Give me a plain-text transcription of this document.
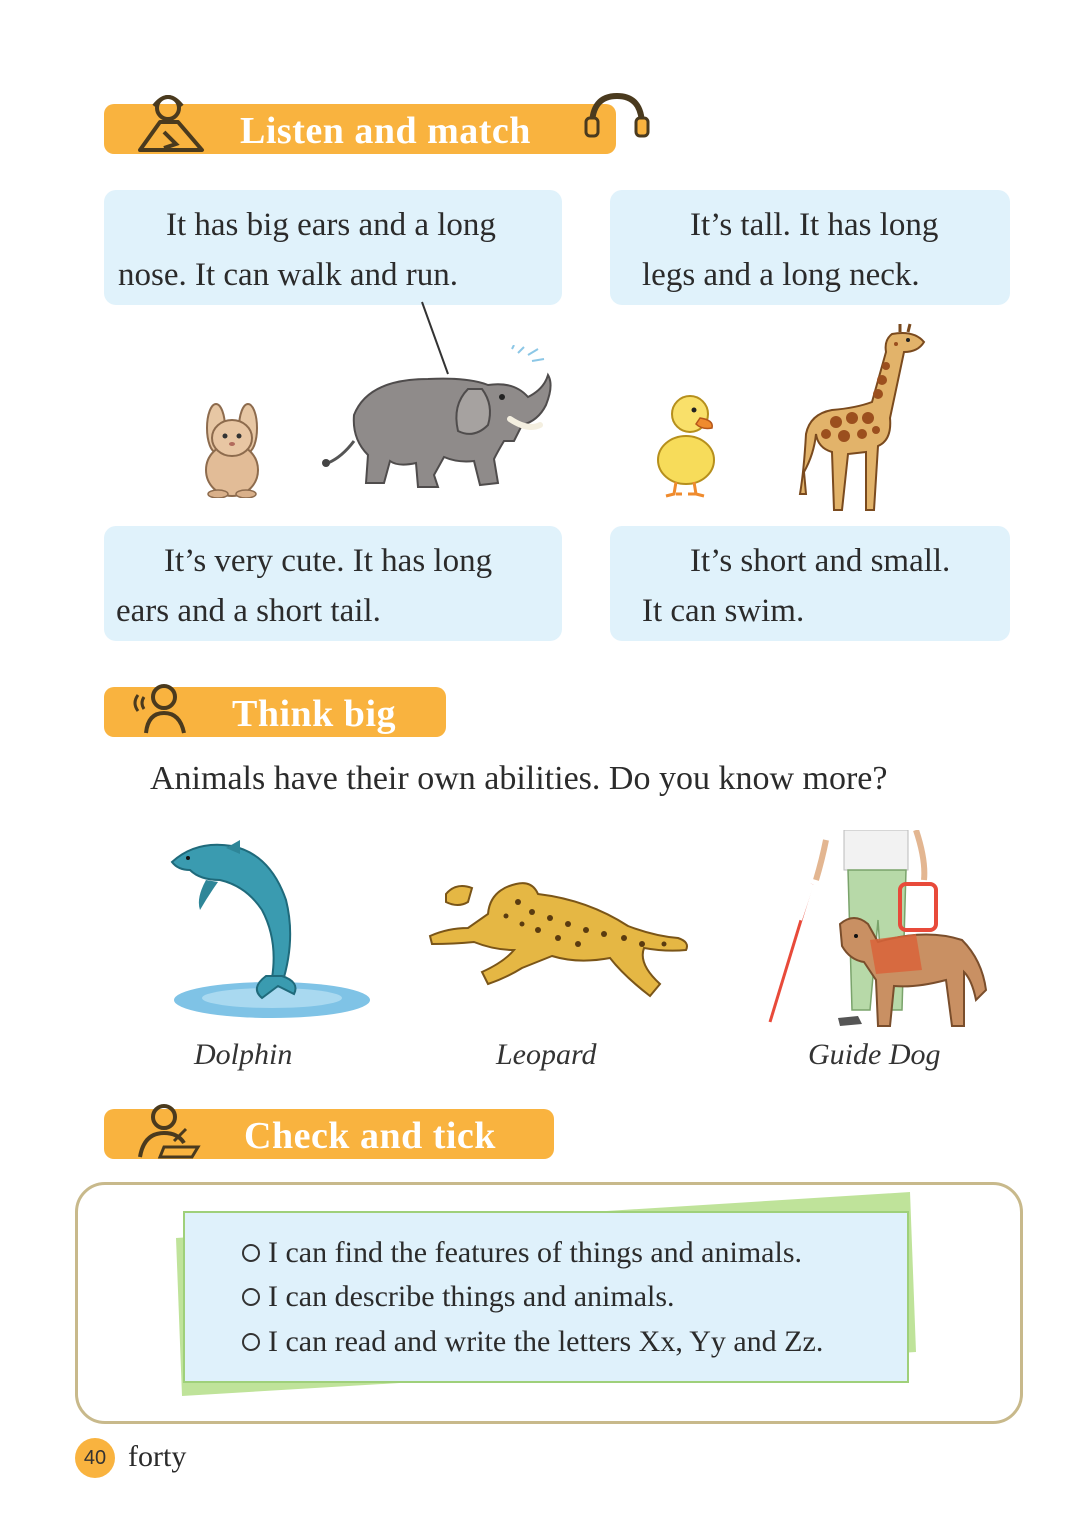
Listen and match
It has big ears and a long
nose. It can walk and run.
It’s tall. It has long
legs and a long neck.
It’s very cute. It has long
ears and a short tail.
It’s short and small.
It can swim.
Think big
Animals have their own abilities. Do you know more?
Dolphin	Leopard	Guide Dog
Check and tick
I can find the features of things and animals.
I can describe things and animals.
I can read and write the letters Xx, Yy and Zz.
40 forty
